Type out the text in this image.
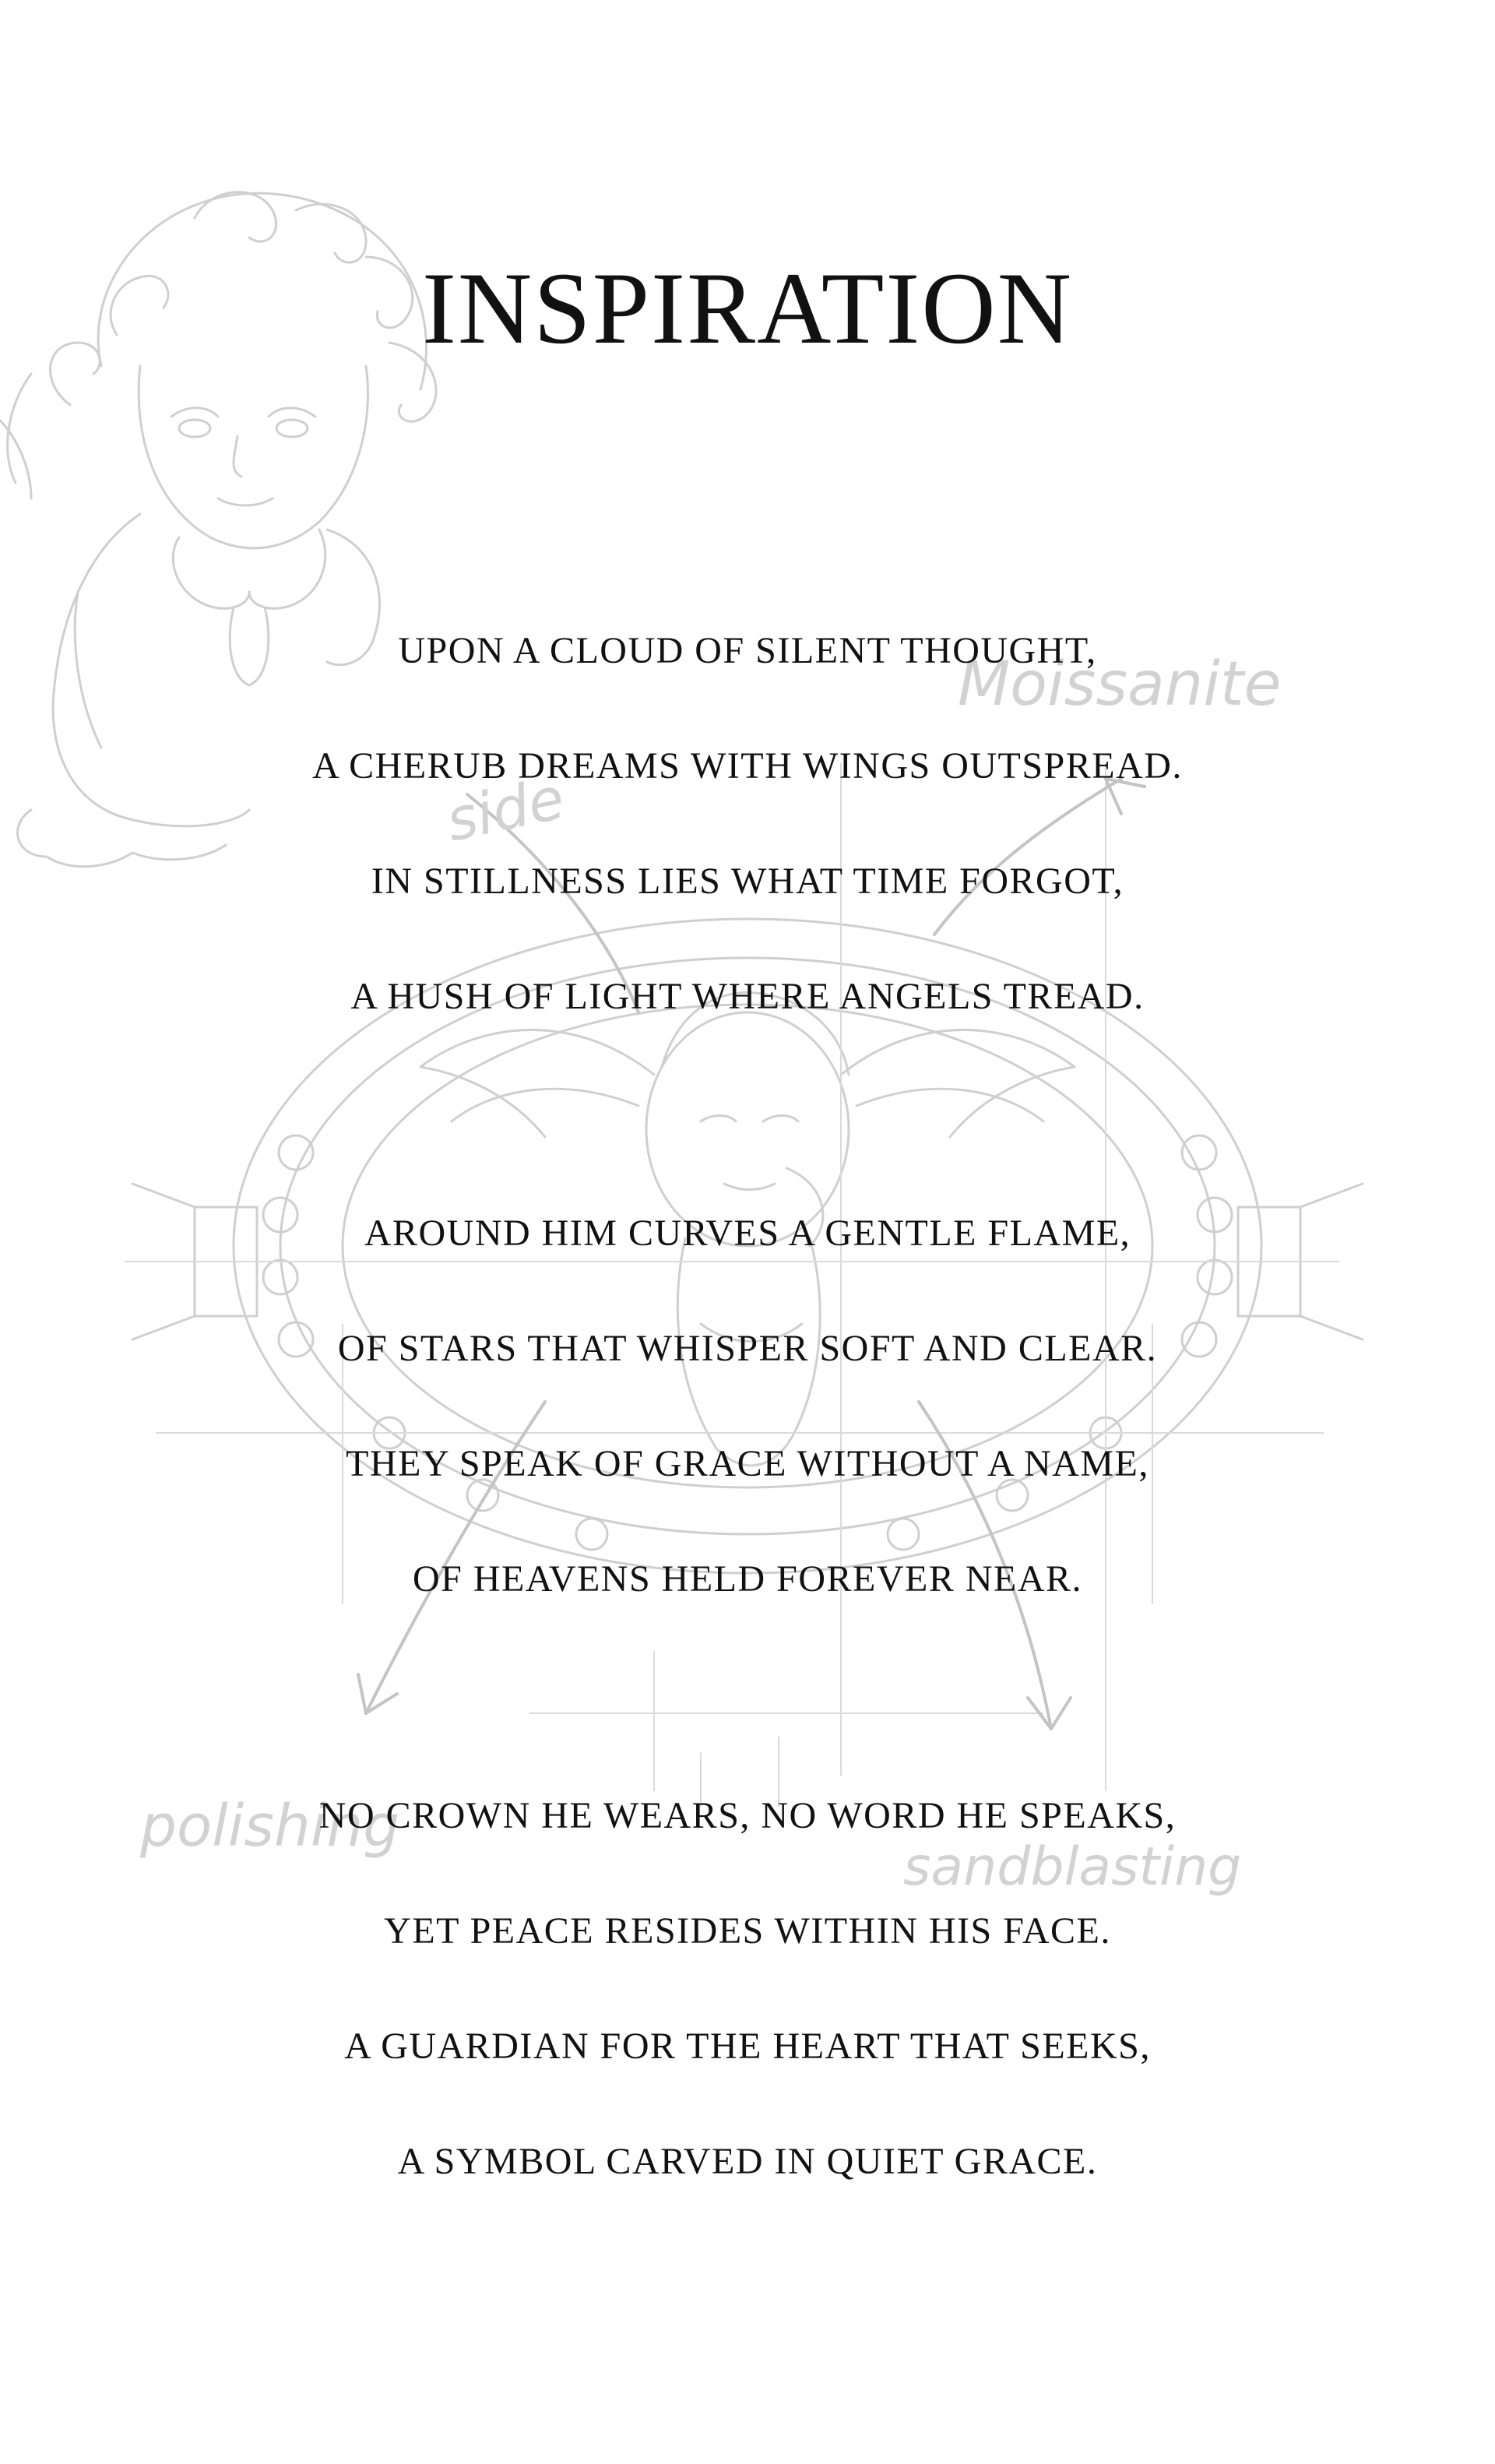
Moissanite
side
polishing
sandblasting
INSPIRATION
UPON A CLOUD OF SILENT THOUGHT,
A CHERUB DREAMS WITH WINGS OUTSPREAD.
IN STILLNESS LIES WHAT TIME FORGOT,
A HUSH OF LIGHT WHERE ANGELS TREAD.
AROUND HIM CURVES A GENTLE FLAME,
OF STARS THAT WHISPER SOFT AND CLEAR.
THEY SPEAK OF GRACE WITHOUT A NAME,
OF HEAVENS HELD FOREVER NEAR.
NO CROWN HE WEARS, NO WORD HE SPEAKS,
YET PEACE RESIDES WITHIN HIS FACE.
A GUARDIAN FOR THE HEART THAT SEEKS,
A SYMBOL CARVED IN QUIET GRACE.
